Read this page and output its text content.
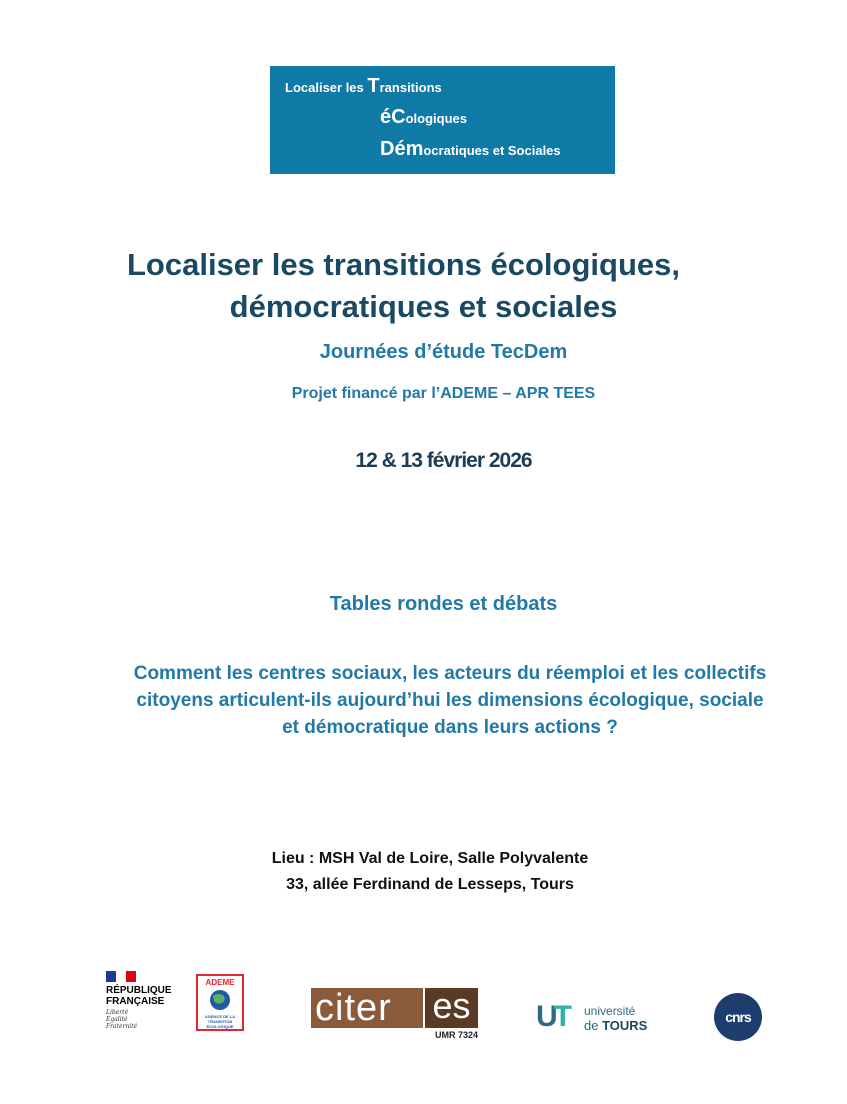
Localiser les Transitions
éCologiques
Démocratiques et Sociales
Localiser les transitions écologiques,
démocratiques et sociales
Journées d’étude TecDem
Projet financé par l’ADEME – APR TEES
12 & 13 février 2026
Tables rondes et débats
Comment les centres sociaux, les acteurs du réemploi et les collectifs citoyens articulent-ils aujourd’hui les dimensions écologique, sociale et démocratique dans leurs actions ?
Lieu : MSH Val de Loire, Salle Polyvalente
33, allée Ferdinand de Lesseps, Tours
RÉPUBLIQUE
FRANÇAISE
Liberté
Égalité
Fraternité
ADEME
AGENCE DE LA TRANSITION ÉCOLOGIQUE citer	es
UMR 7324
UT université
de TOURS
cnrs
